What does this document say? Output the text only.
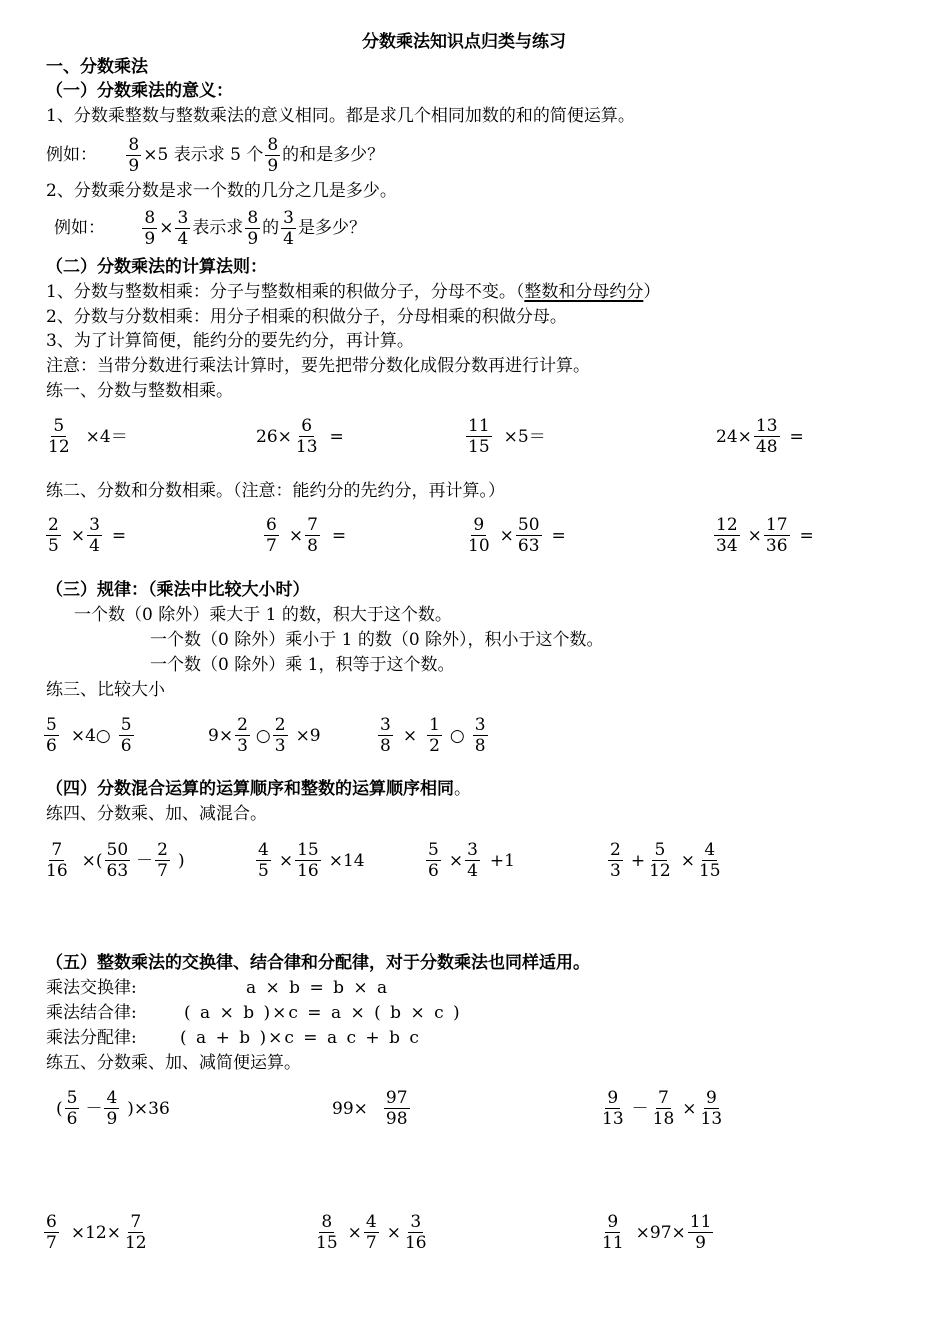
分数乘法知识点归类与练习
一、分数乘法
（一）分数乘法的意义：
1、分数乘整数与整数乘法的意义相同。都是求几个相同加数的和的简便运算。
例如： $\frac{8}{9} \times 5$ 表示求 5 个 $\frac{8}{9}$ 的和是多少？
2、分数乘分数是求一个数的几分之几是多少。
例如： $\frac{8}{9} \times \frac{3}{4}$ 表示求 $\frac{8}{9}$ 的 $\frac{3}{4}$ 是多少？
（二）分数乘法的计算法则：
1、分数与整数相乘：分子与整数相乘的积做分子，分母不变。（整数和分母约分）
2、分数与分数相乘：用分子相乘的积做分子，分母相乘的积做分母。
3、为了计算简便，能约分的要先约分，再计算。
注意：当带分数进行乘法计算时，要先把带分数化成假分数再进行计算。
练一、分数与整数相乘。
$\frac{5}{12} \times 4=$	$26\times \frac{6}{13}$ =	$\frac{11}{15} \times 5=$	$24\times \frac{13}{48}$ =
练二、分数和分数相乘。（注意：能约分的先约分，再计算。）
$\frac{2}{5} \times \frac{3}{4}$ =	$\frac{6}{7} \times \frac{7}{8}$ =	$\frac{9}{10} \times \frac{50}{63}$ =	$\frac{12}{34} \times \frac{17}{36}$ =
（三）规律：（乘法中比较大小时）
一个数（0 除外）乘大于 1 的数，积大于这个数。
一个数（0 除外）乘小于 1 的数（0 除外），积小于这个数。
一个数（0 除外）乘 1，积等于这个数。
练三、比较大小
$\frac{5}{6}$ ×4○ $\frac{5}{6}$	$9\times \frac{2}{3}$ ○ $\frac{2}{3} \times 9$	$\frac{3}{8} \times \frac{1}{2}$ ○ $\frac{3}{8}$
（四）分数混合运算的运算顺序和整数的运算顺序相同。
练四、分数乘、加、减混合。
$\frac{7}{16}$ ×( $\frac{50}{63} - \frac{2}{7}$ )	$\frac{4}{5} \times \frac{15}{16} \times 14$	$\frac{5}{6} \times \frac{3}{4} +1$	$\frac{2}{3} + \frac{5}{12} \times \frac{4}{15}$
（五）整数乘法的交换律、结合律和分配律，对于分数乘法也同样适用。
乘法交换律:	a × b = b × a
乘法结合律:	( a × b )×c = a × ( b × c )
乘法分配律:	( a + b )×c = a c + b c
练五、分数乘、加、减简便运算。
( $\frac{5}{6} - \frac{4}{9} )\times 36$	$99\times \frac{97}{98}$	$\frac{9}{13} - \frac{7}{18} \times \frac{9}{13}$
$\frac{6}{7} \times 12\times \frac{7}{12}$	$\frac{8}{15} \times \frac{4}{7} \times \frac{3}{16}$	$\frac{9}{11} \times 97\times \frac{11}{9}$
